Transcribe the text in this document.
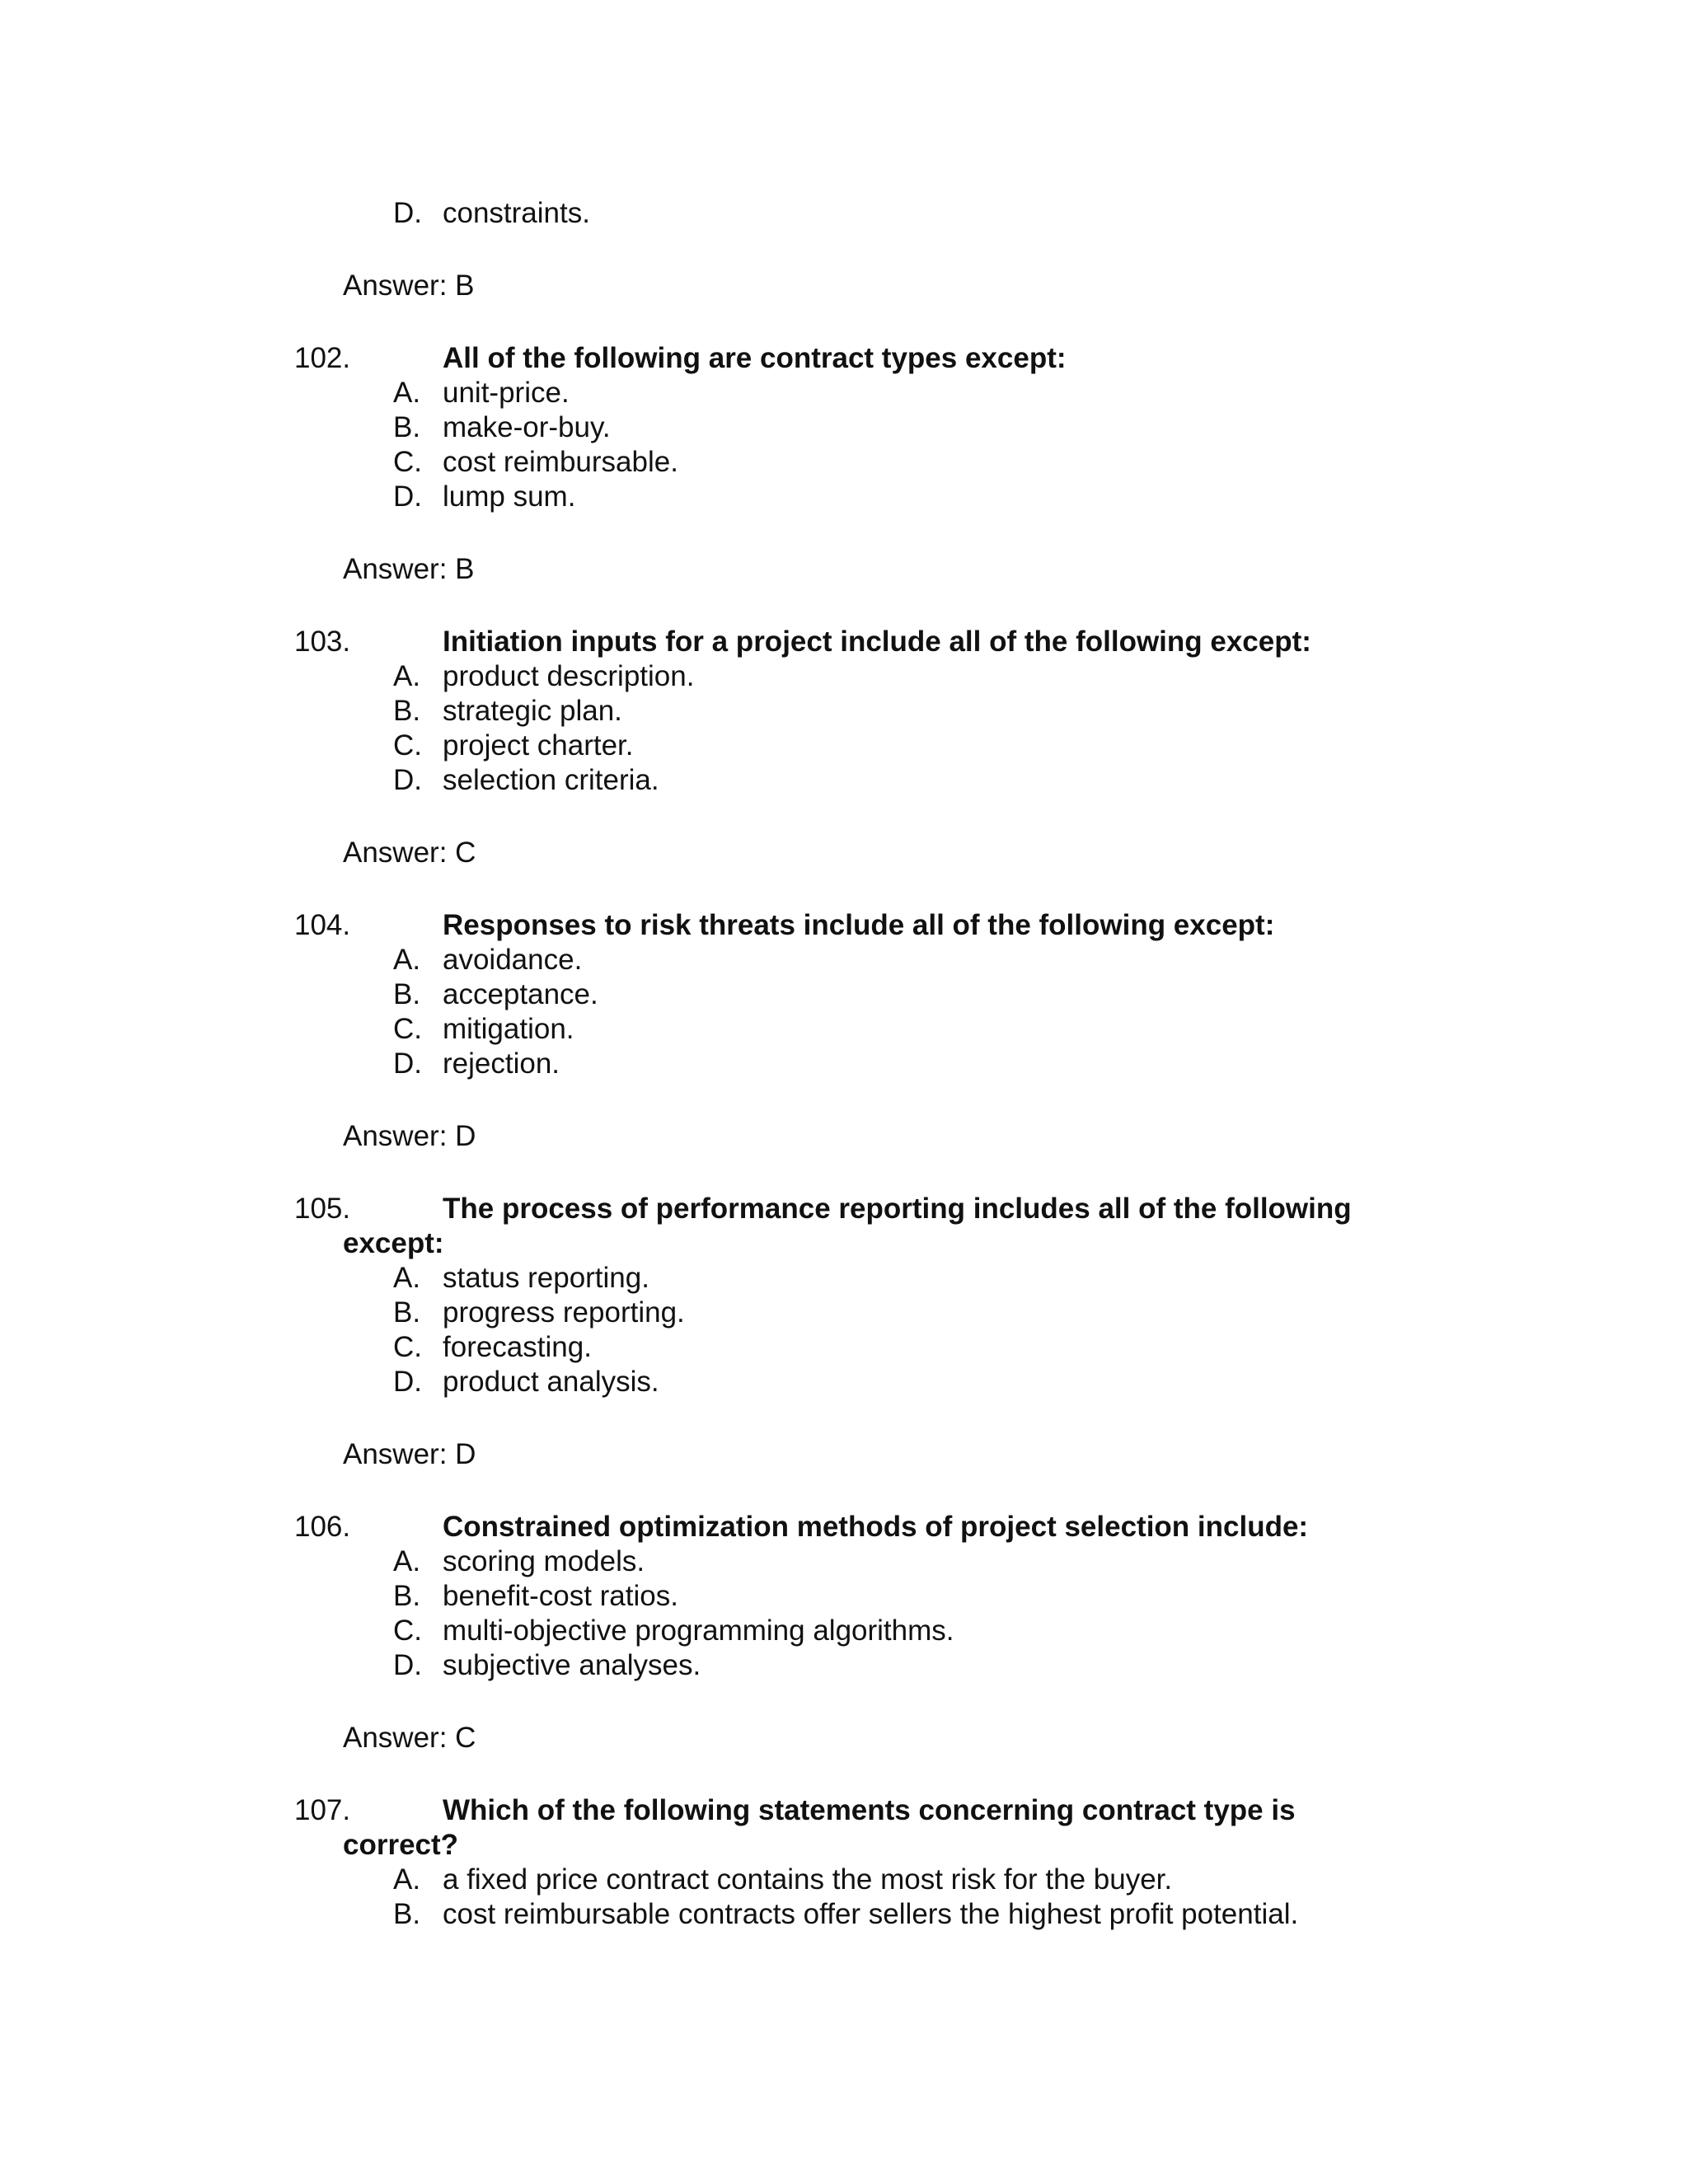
D. constraints.
Answer: B
102.	All of the following are contract types except:
A. unit-price.
B. make-or-buy.
C. cost reimbursable.
D. lump sum.
Answer: B
103.	Initiation inputs for a project include all of the following except:
A. product description.
B. strategic plan.
C. project charter.
D. selection criteria.
Answer: C
104.	Responses to risk threats include all of the following except:
A. avoidance.
B. acceptance.
C. mitigation.
D. rejection.
Answer: D
105.	The process of performance reporting includes all of the following
except:
A. status reporting.
B. progress reporting.
C. forecasting.
D. product analysis.
Answer: D
106.	Constrained optimization methods of project selection include:
A. scoring models.
B. benefit-cost ratios.
C. multi-objective programming algorithms.
D. subjective analyses.
Answer: C
107.	Which of the following statements concerning contract type is
correct?
A. a fixed price contract contains the most risk for the buyer.
B. cost reimbursable contracts offer sellers the highest profit potential.
